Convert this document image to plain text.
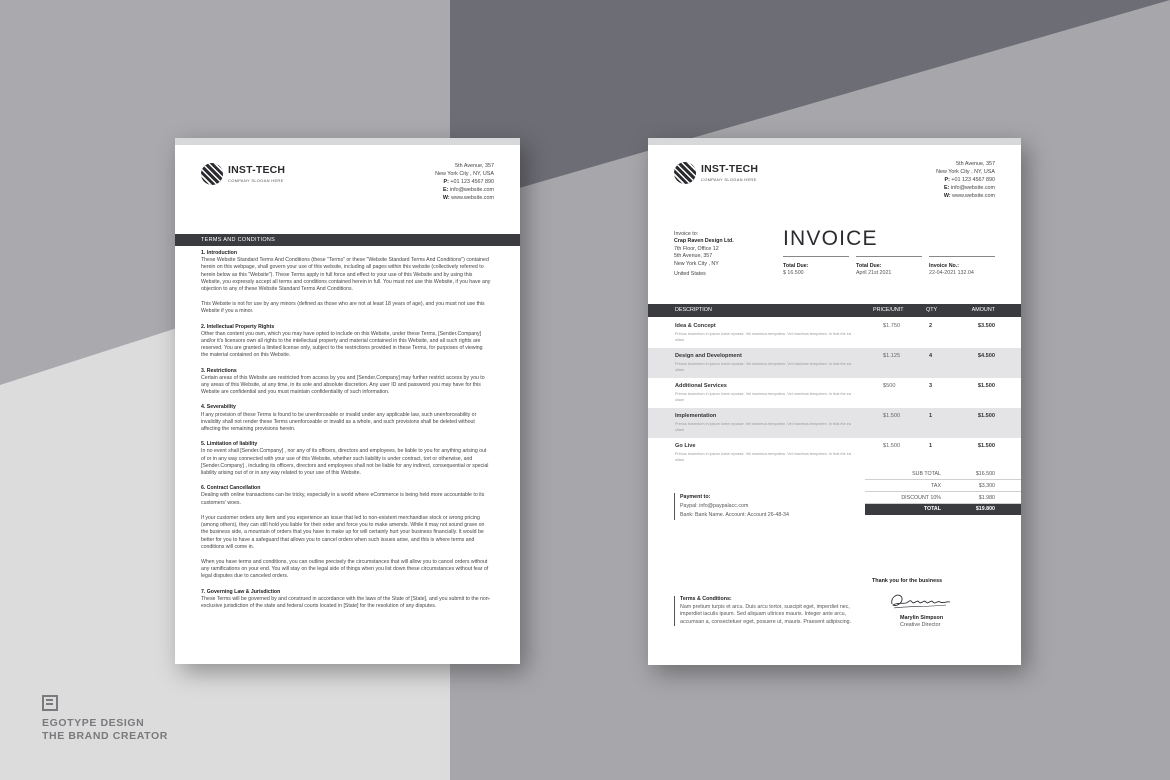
INST-TECH
COMPANY SLOGAN HERE
5th Avenue, 357
New York City , NY, USA
P: +01 123 4567 890
E: info@website.com
W: www.website.com
TERMS AND CONDITIONS
1. Introduction
These Website Standard Terms And Conditions (these "Terms" or these "Website Standard Terms And Conditions") contained herein on this webpage, shall govern your use of this website, including all pages within this website (collectively referred to herein below as this "Website"). These Terms apply in full force and effect to your use of this Website and by using this Website, you expressly accept all terms and conditions contained herein in full. You must not use this Website, if you have any objection to any of these Website Standard Terms And Conditions.
This Website is not for use by any minors (defined as those who are not at least 18 years of age), and you must not use this Website if you a minor.
2. Intellectual Property Rights
Other than content you own, which you may have opted to include on this Website, under these Terms, [Sender.Company] and/or it's licensors own all rights to the intellectual property and material contained in this Website, and all such rights are reserved. You are granted a limited license only, subject to the restrictions provided in these Terms, for purposes of viewing the material contained on this Website.
3. Restrictions
Certain areas of this Website are restricted from access by you and [Sender.Company] may further restrict access by you to any areas of this Website, at any time, in its sole and absolute discretion. Any user ID and password you may have for this Website are confidential and you must maintain confidentiality of such information.
4. Severability
If any provision of these Terms is found to be unenforceable or invalid under any applicable law, such unenforceability or invalidity shall not render these Terms unenforceable or invalid as a whole, and such provisions shall be deleted without affecting the remaining provisions herein.
5. Limitation of liability
In no event shall [Sender.Company] , nor any of its officers, directors and employees, be liable to you for anything arising out of or in any way connected with your use of this Website, whether such liability is under contract, tort or otherwise, and [Sender.Company] , including its officers, directors and employees shall not be liable for any indirect, consequential or special liability arising out of or in any way related to your use of this Website.
6. Contract Cancellation
Dealing with online transactions can be tricky, especially in a world where eCommerce is being held more accountable to its customers' woes.
If your customer orders any item and you experience an issue that led to non-existent merchandise stock or wrong pricing (among others), they can still hold you liable for their order and force you to make amends. While it may not sound grave on the business side, a mountain of orders that you have to make up for will certainly hurt your business financially. It would be better for you to have a safeguard that allows you to cancel orders when such issues arise, and this is where terms and conditions will come in.
When you have terms and conditions, you can outline precisely the circumstances that will allow you to cancel orders without any ramifications on your end. You will stay on the legal side of things when you list down these circumstances without fear of legal disputes due to canceled orders.
7. Governing Law & Jurisdiction
These Terms will be governed by and construed in accordance with the laws of the State of [State], and you submit to the non-exclusive jurisdiction of the state and federal courts located in [State] for the resolution of any disputes.
INST-TECH
COMPANY SLOGAN HERE
5th Avenue, 357
New York City , NY, USA
P: +01 123 4567 890
E: info@website.com
W: www.website.com
Invoice to:
Crap Raven Design Ltd.
7th Floor, Office 12
5th Avenue, 357
New York City , NY
United States
INVOICE
Total Due:
$ 16.500
Total Due:
April 21st 2021
Invoice No.:
22-04-2021 132.04
DESCRIPTION	PRICE/UNIT	QTY	AMOUNT
Idea & Concept
Primus bosentum in ipsum lorem eposse. Vel maximus tempotem. Vel maximus tempotem. In that the ea ullam
$1.750	2	$3.500
Design and Development
Primus bosentum in ipsum lorem eposse. Vel maximus tempotem. Vel maximus tempotem. In that the ea ullam
$1.125	4	$4.500
Additional Services
Primus bosentum in ipsum lorem eposse. Vel maximus tempotem. Vel maximus tempotem. In that the ea ullam
$500	3	$1.500
Implementation
Primus bosentum in ipsum lorem eposse. Vel maximus tempotem. Vel maximus tempotem. In that the ea ullam
$1.500	1	$1.500
Go Live
Primus bosentum in ipsum lorem eposse. Vel maximus tempotem. Vel maximus tempotem. In that the ea ullam
$1.500	1	$1.500
SUB TOTAL	$16.500
TAX	$3.300
DISCOUNT 10%	$1.980
TOTAL	$19.800
Payment to:
Paypal: info@paypalacc.com
Bank: Bank Name. Account: Account 26-48-34
Terms & Conditions:
Nam pretium turpis et arcu. Duis arcu tortor, suscipit eget, imperdiet nec, imperdiet iaculis ipsum. Sed aliquam ultrices mauris. Integer ante arcu, accumsan a, consectetuer eget, posuere ut, mauris. Praesent adipiscing.
Thank you for the business
Marylin Simpson
Creative Director
EGOTYPE DESIGN
THE BRAND CREATOR
